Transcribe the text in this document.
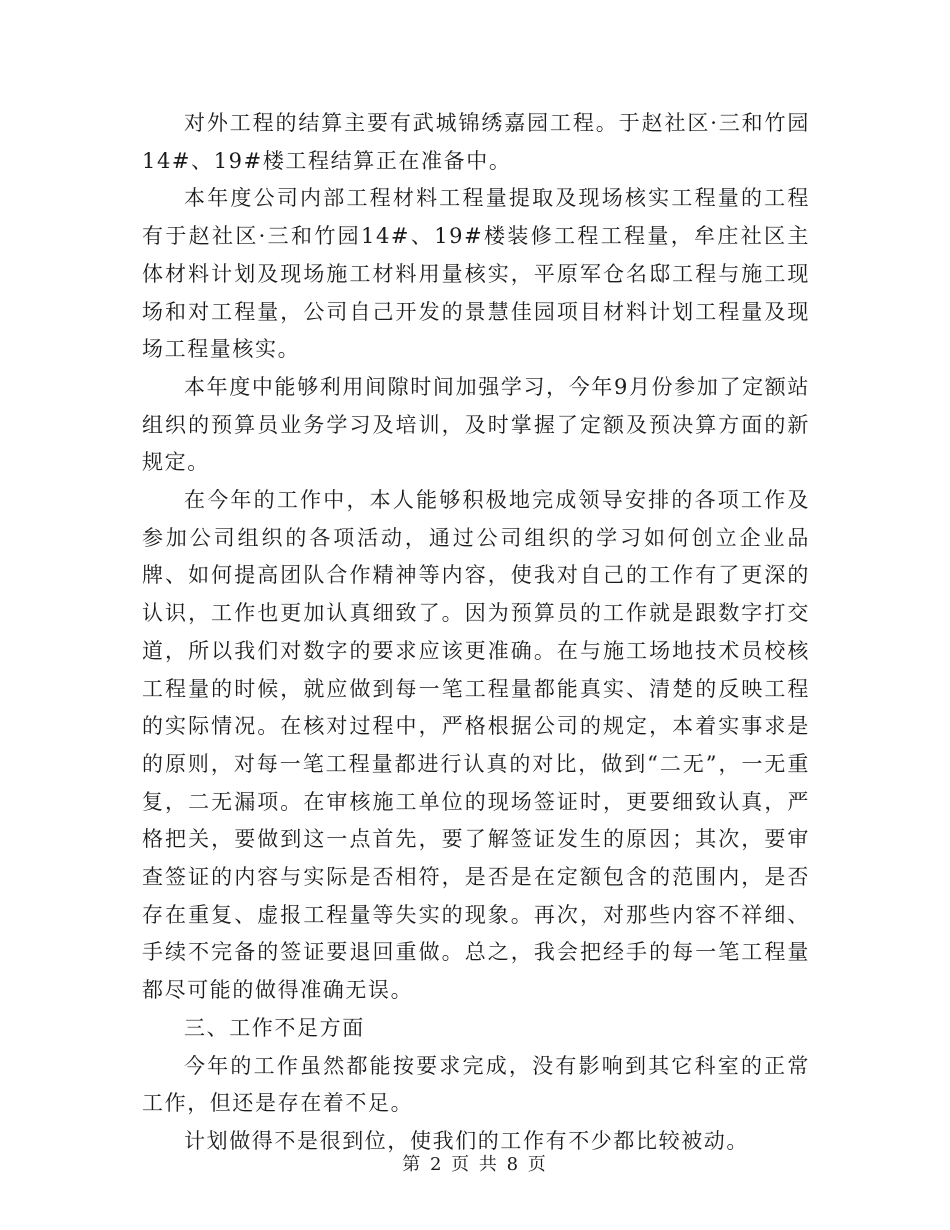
对外工程的结算主要有武城锦绣嘉园工程。于赵社区·三和竹园14#、19#楼工程结算正在准备中。

本年度公司内部工程材料工程量提取及现场核实工程量的工程有于赵社区·三和竹园14#、19#楼装修工程工程量，牟庄社区主体材料计划及现场施工材料用量核实，平原军仓名邸工程与施工现场和对工程量，公司自己开发的景慧佳园项目材料计划工程量及现场工程量核实。

本年度中能够利用间隙时间加强学习，今年9月份参加了定额站组织的预算员业务学习及培训，及时掌握了定额及预决算方面的新规定。

在今年的工作中，本人能够积极地完成领导安排的各项工作及参加公司组织的各项活动，通过公司组织的学习如何创立企业品牌、如何提高团队合作精神等内容，使我对自己的工作有了更深的认识，工作也更加认真细致了。因为预算员的工作就是跟数字打交道，所以我们对数字的要求应该更准确。在与施工场地技术员校核工程量的时候，就应做到每一笔工程量都能真实、清楚的反映工程的实际情况。在核对过程中，严格根据公司的规定，本着实事求是的原则，对每一笔工程量都进行认真的对比，做到“二无”，一无重复，二无漏项。在审核施工单位的现场签证时，更要细致认真，严格把关，要做到这一点首先，要了解签证发生的原因；其次，要审查签证的内容与实际是否相符，是否是在定额包含的范围内，是否存在重复、虚报工程量等失实的现象。再次，对那些内容不祥细、手续不完备的签证要退回重做。总之，我会把经手的每一笔工程量都尽可能的做得准确无误。

三、工作不足方面

今年的工作虽然都能按要求完成，没有影响到其它科室的正常工作，但还是存在着不足。

计划做得不是很到位，使我们的工作有不少都比较被动。

第 2 页 共 8 页
